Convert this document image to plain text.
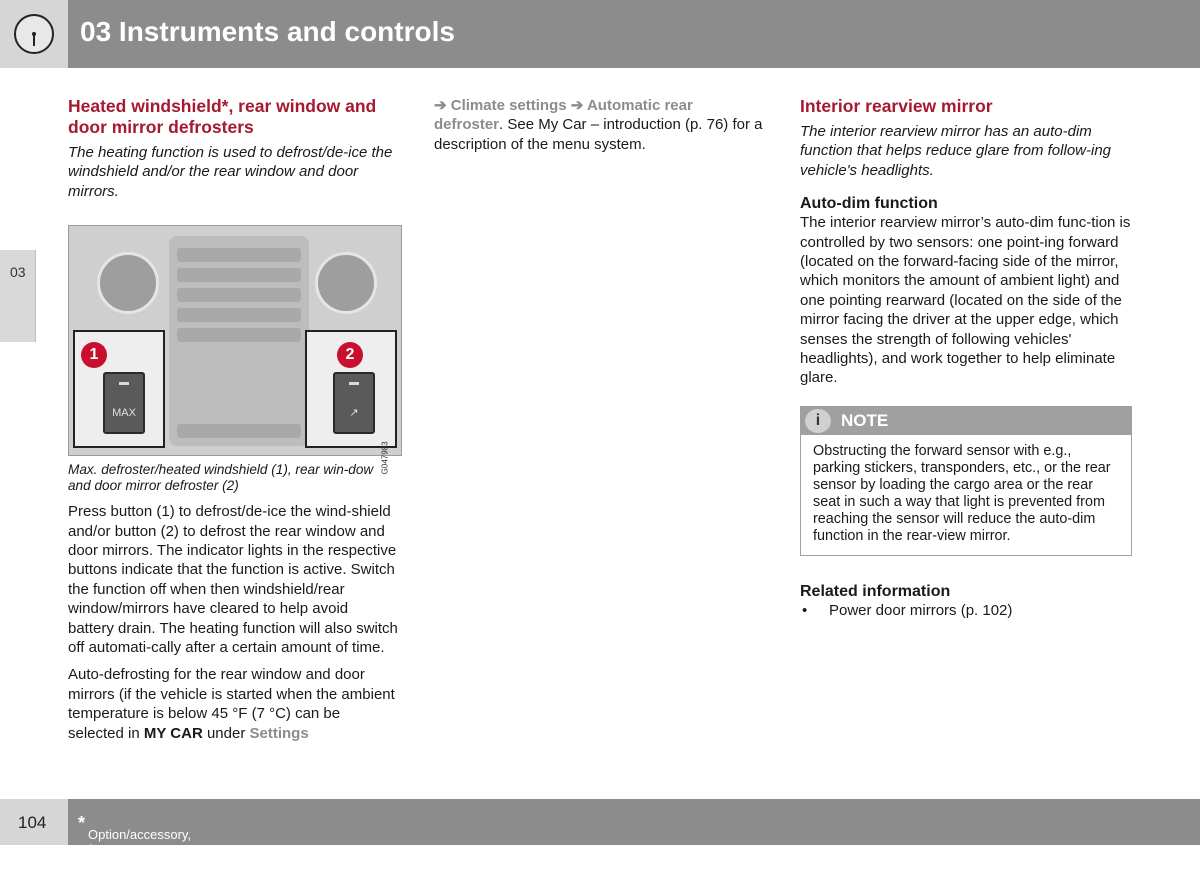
03 Instruments and controls
03
Heated windshield*, rear window and door mirror defrosters
The heating function is used to defrost/de-ice the windshield and/or the rear window and door mirrors.
1
MAX
2
↗
G047983
Max. defroster/heated windshield (1), rear win-dow and door mirror defroster (2)

Press button (1) to defrost/de-ice the wind-shield and/or button (2) to defrost the rear window and door mirrors. The indicator lights in the respective buttons indicate that the function is active. Switch the function off when then windshield/rear window/mirrors have cleared to help avoid battery drain. The heating function will also switch off automati-cally after a certain amount of time.

Auto-defrosting for the rear window and door mirrors (if the vehicle is started when the ambient temperature is below 45 °F (7 °C) can be selected in MY CAR under Settings

➔ Climate settings ➔ Automatic rear defroster. See My Car – introduction (p. 76) for a description of the menu system.

Interior rearview mirror
The interior rearview mirror has an auto-dim function that helps reduce glare from follow-ing vehicle's headlights.
Auto-dim function

The interior rearview mirror’s auto-dim func-tion is controlled by two sensors: one point-ing forward (located on the forward-facing side of the mirror, which monitors the amount of ambient light) and one pointing rearward (located on the side of the mirror facing the driver at the upper edge, which senses the strength of following vehicles' headlights), and work together to help eliminate glare.

i	NOTE
Obstructing the forward sensor with e.g., parking stickers, transponders, etc., or the rear sensor by loading the cargo area or the rear seat in such a way that light is prevented from reaching the sensor will reduce the auto-dim function in the rear-view mirror.
Related information
• Power door mirrors (p. 102)
104 *
Option/accessory, for more information, see Introduction.
